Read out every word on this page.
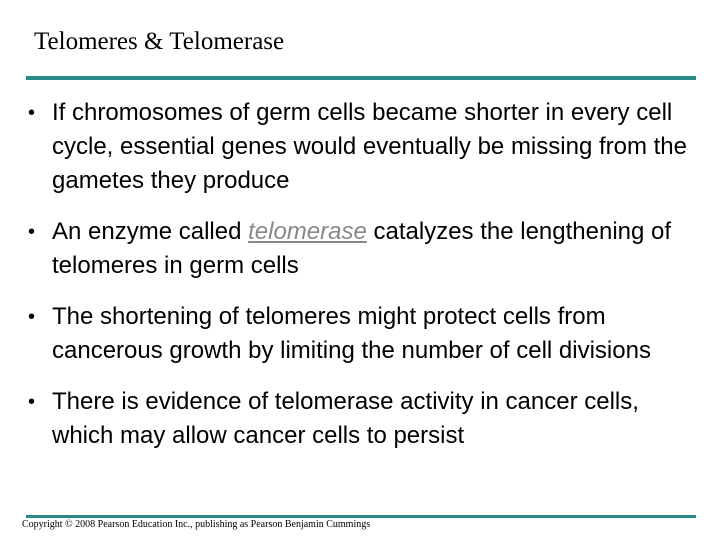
Telomeres & Telomerase
• If chromosomes of germ cells became shorter in every cell cycle, essential genes would eventually be missing from the gametes they produce
• An enzyme called telomerase catalyzes the lengthening of telomeres in germ cells
• The shortening of telomeres might protect cells from cancerous growth by limiting the number of cell divisions
• There is evidence of telomerase activity in cancer cells, which may allow cancer cells to persist
Copyright © 2008 Pearson Education Inc., publishing as Pearson Benjamin Cummings
